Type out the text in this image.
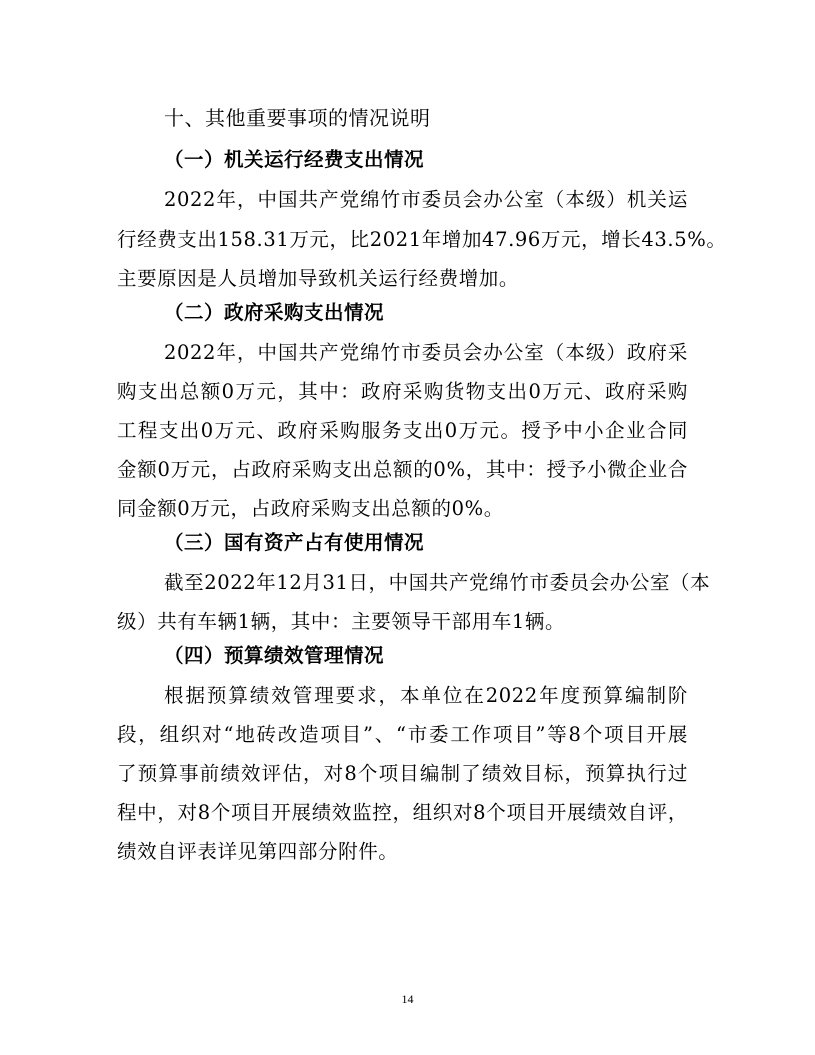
十、其他重要事项的情况说明
（一）机关运行经费支出情况
2022年，中国共产党绵竹市委员会办公室（本级）机关运
行经费支出158.31万元，比2021年增加47.96万元，增长43.5%。
主要原因是人员增加导致机关运行经费增加。
（二）政府采购支出情况
2022年，中国共产党绵竹市委员会办公室（本级）政府采
购支出总额0万元，其中：政府采购货物支出0万元、政府采购
工程支出0万元、政府采购服务支出0万元。授予中小企业合同
金额0万元，占政府采购支出总额的0%，其中：授予小微企业合
同金额0万元，占政府采购支出总额的0%。
（三）国有资产占有使用情况
截至2022年12月31日，中国共产党绵竹市委员会办公室（本
级）共有车辆1辆，其中：主要领导干部用车1辆。
（四）预算绩效管理情况
根据预算绩效管理要求，本单位在2022年度预算编制阶
段，组织对“地砖改造项目”、“市委工作项目”等8个项目开展
了预算事前绩效评估，对8个项目编制了绩效目标，预算执行过
程中，对8个项目开展绩效监控，组织对8个项目开展绩效自评，
绩效自评表详见第四部分附件。
14
